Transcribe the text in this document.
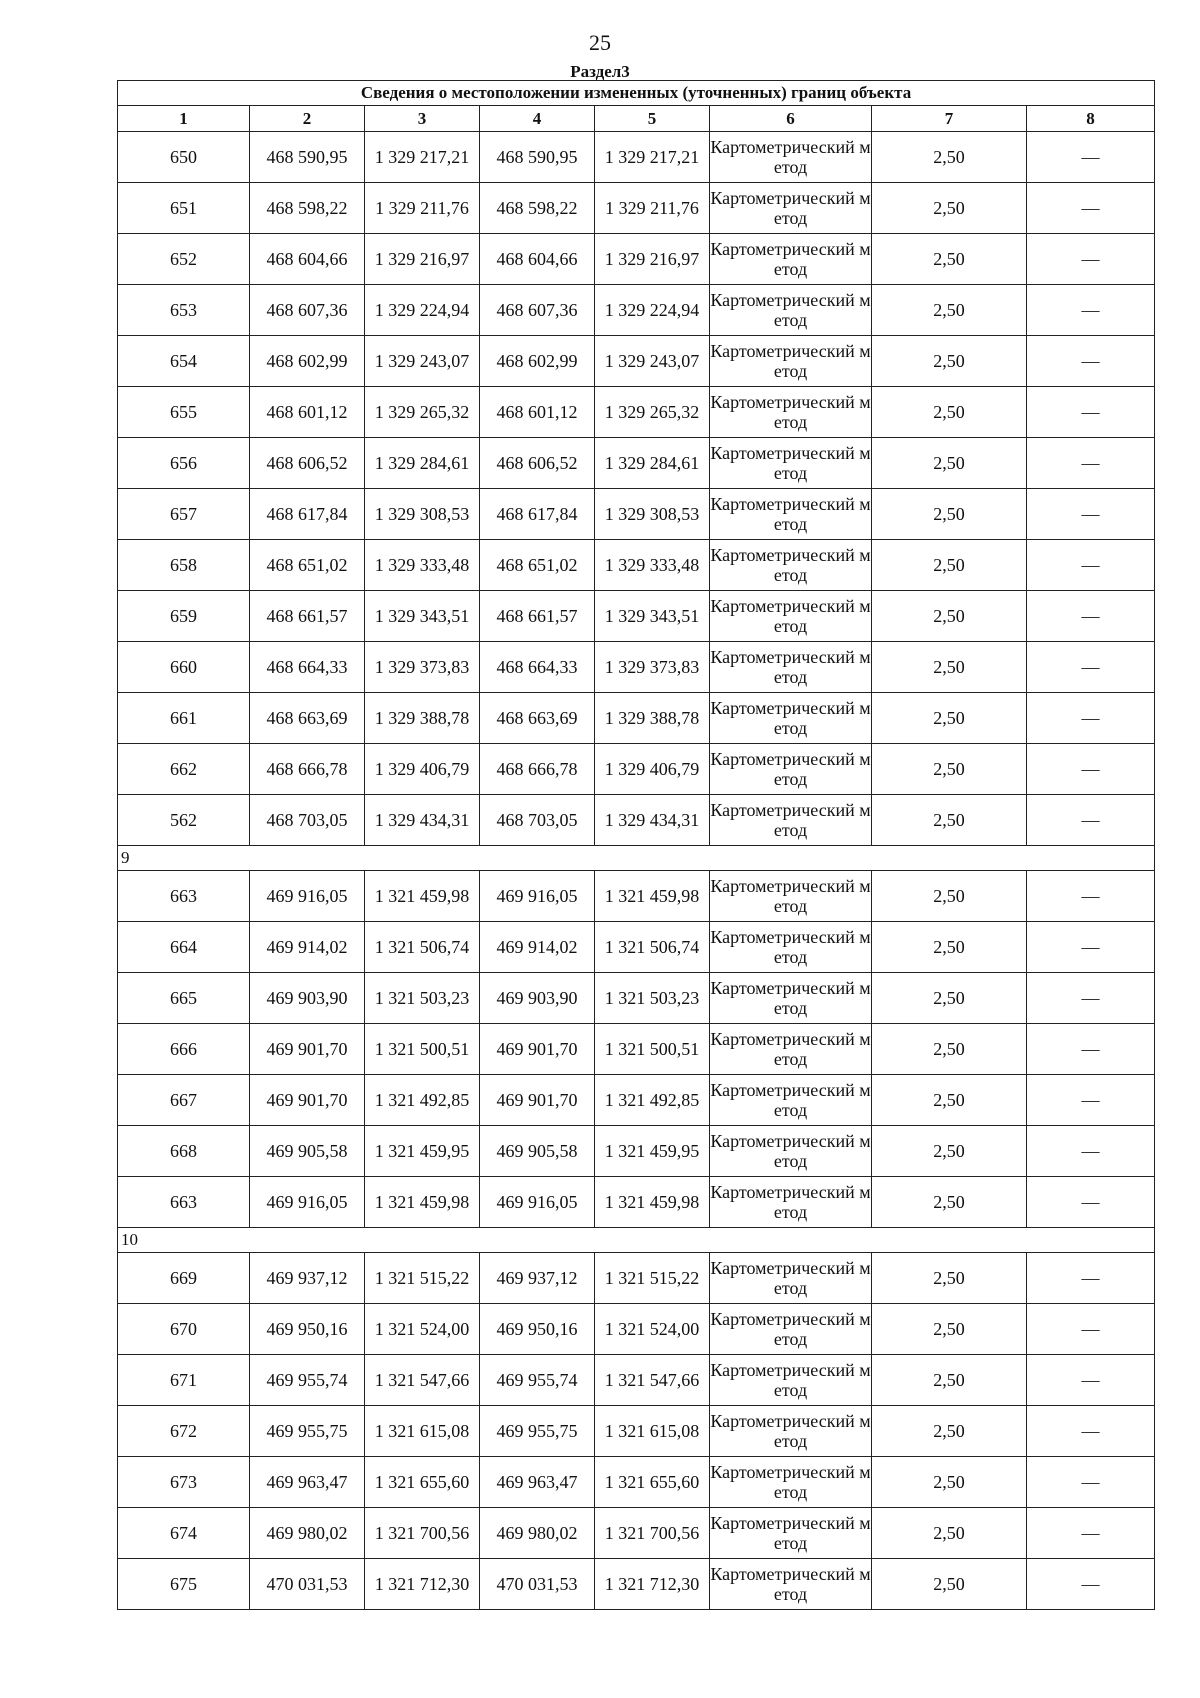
25
Раздел3
Сведения о местоположении измененных (уточненных) границ объекта							
1	2	3	4	5	6	7	8
650	468 590,95	1 329 217,21	468 590,95	1 329 217,21	Картометрический метод	2,50	—
651	468 598,22	1 329 211,76	468 598,22	1 329 211,76	Картометрический метод	2,50	—
652	468 604,66	1 329 216,97	468 604,66	1 329 216,97	Картометрический метод	2,50	—
653	468 607,36	1 329 224,94	468 607,36	1 329 224,94	Картометрический метод	2,50	—
654	468 602,99	1 329 243,07	468 602,99	1 329 243,07	Картометрический метод	2,50	—
655	468 601,12	1 329 265,32	468 601,12	1 329 265,32	Картометрический метод	2,50	—
656	468 606,52	1 329 284,61	468 606,52	1 329 284,61	Картометрический метод	2,50	—
657	468 617,84	1 329 308,53	468 617,84	1 329 308,53	Картометрический метод	2,50	—
658	468 651,02	1 329 333,48	468 651,02	1 329 333,48	Картометрический метод	2,50	—
659	468 661,57	1 329 343,51	468 661,57	1 329 343,51	Картометрический метод	2,50	—
660	468 664,33	1 329 373,83	468 664,33	1 329 373,83	Картометрический метод	2,50	—
661	468 663,69	1 329 388,78	468 663,69	1 329 388,78	Картометрический метод	2,50	—
662	468 666,78	1 329 406,79	468 666,78	1 329 406,79	Картометрический метод	2,50	—
562	468 703,05	1 329 434,31	468 703,05	1 329 434,31	Картометрический метод	2,50	—
9							
663	469 916,05	1 321 459,98	469 916,05	1 321 459,98	Картометрический метод	2,50	—
664	469 914,02	1 321 506,74	469 914,02	1 321 506,74	Картометрический метод	2,50	—
665	469 903,90	1 321 503,23	469 903,90	1 321 503,23	Картометрический метод	2,50	—
666	469 901,70	1 321 500,51	469 901,70	1 321 500,51	Картометрический метод	2,50	—
667	469 901,70	1 321 492,85	469 901,70	1 321 492,85	Картометрический метод	2,50	—
668	469 905,58	1 321 459,95	469 905,58	1 321 459,95	Картометрический метод	2,50	—
663	469 916,05	1 321 459,98	469 916,05	1 321 459,98	Картометрический метод	2,50	—
10							
669	469 937,12	1 321 515,22	469 937,12	1 321 515,22	Картометрический метод	2,50	—
670	469 950,16	1 321 524,00	469 950,16	1 321 524,00	Картометрический метод	2,50	—
671	469 955,74	1 321 547,66	469 955,74	1 321 547,66	Картометрический метод	2,50	—
672	469 955,75	1 321 615,08	469 955,75	1 321 615,08	Картометрический метод	2,50	—
673	469 963,47	1 321 655,60	469 963,47	1 321 655,60	Картометрический метод	2,50	—
674	469 980,02	1 321 700,56	469 980,02	1 321 700,56	Картометрический метод	2,50	—
675	470 031,53	1 321 712,30	470 031,53	1 321 712,30	Картометрический метод	2,50	—
